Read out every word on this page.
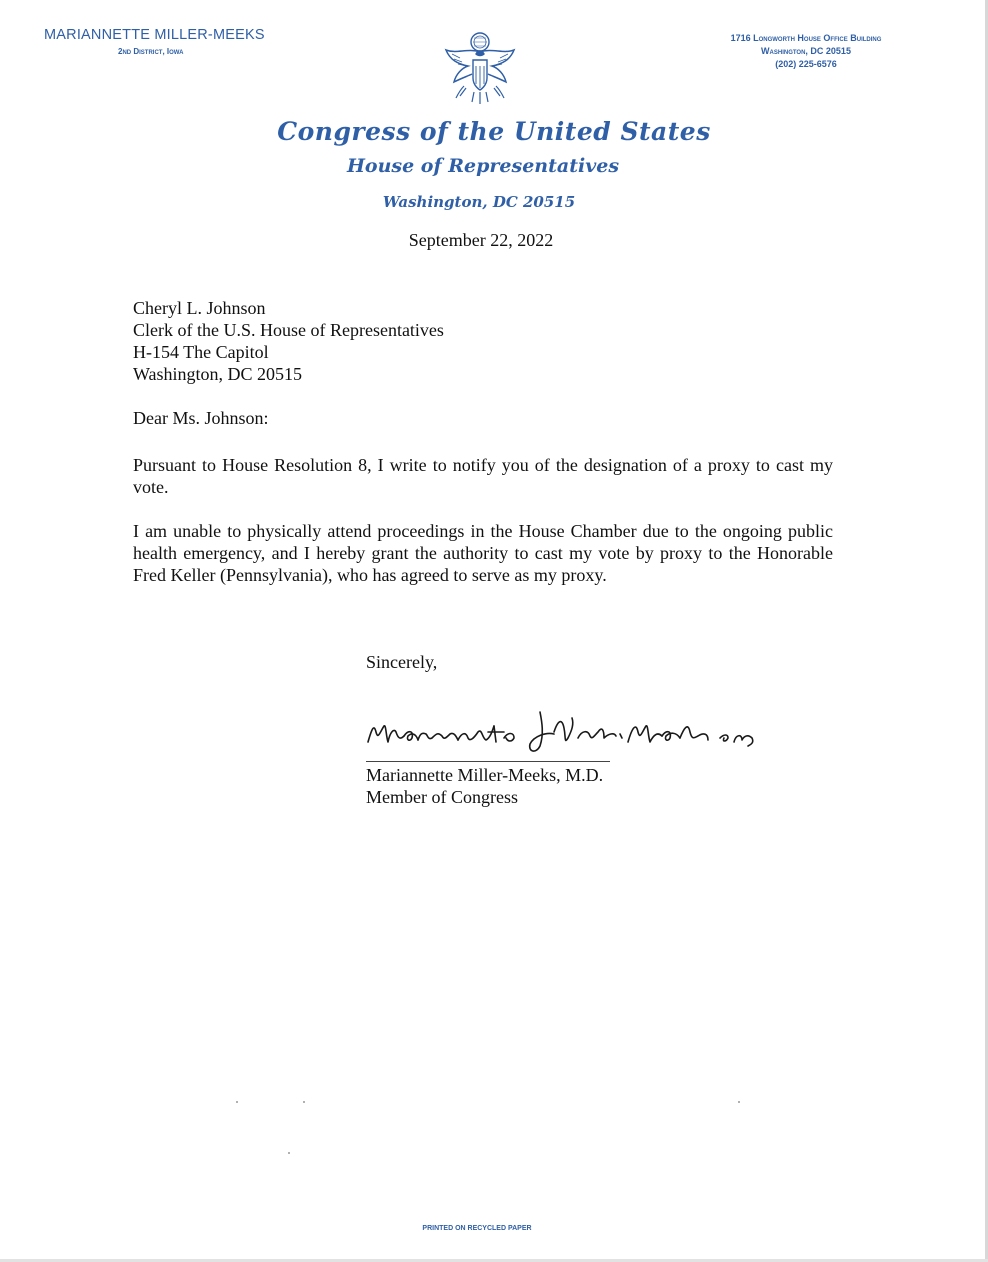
MARIANNETTE MILLER-MEEKS
2nd District, Iowa
1716 Longworth House Office Building
Washington, DC 20515
(202) 225-6576
Congress of the United States
House of Representatives
Washington, DC 20515
September 22, 2022
Cheryl L. Johnson
Clerk of the U.S. House of Representatives
H-154 The Capitol
Washington, DC 20515
Dear Ms. Johnson:
Pursuant to House Resolution 8, I write to notify you of the designation of a proxy to cast my vote.
I am unable to physically attend proceedings in the House Chamber due to the ongoing public health emergency, and I hereby grant the authority to cast my vote by proxy to the Honorable Fred Keller (Pennsylvania), who has agreed to serve as my proxy.
Sincerely,
Mariannette Miller-Meeks, M.D.
Member of Congress
PRINTED ON RECYCLED PAPER
